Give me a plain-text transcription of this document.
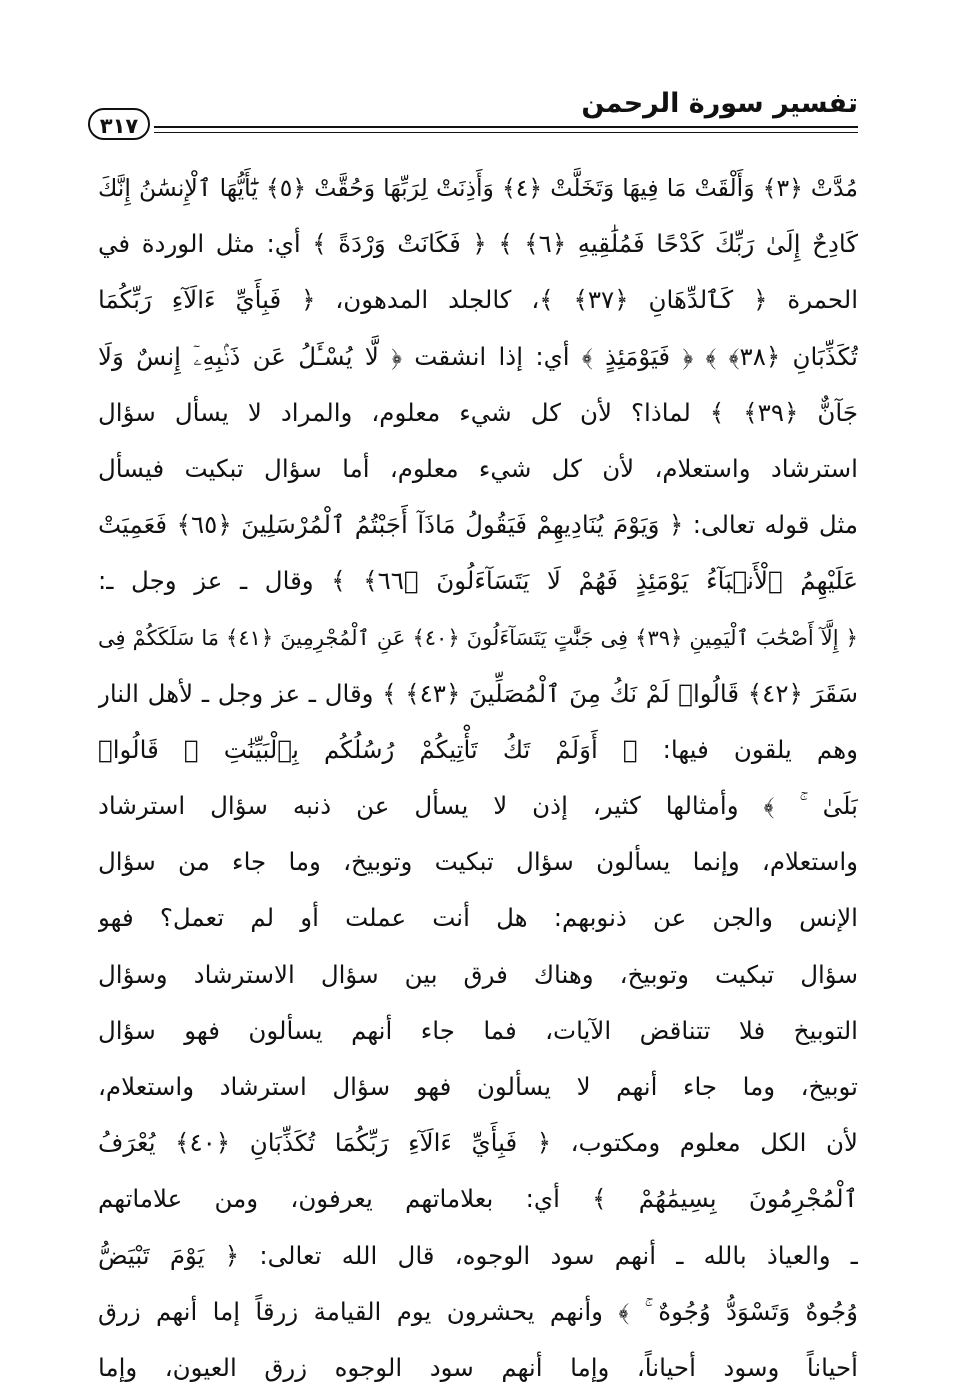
تفسير سورة الرحمن
٣١٧
مُدَّتْ ﴿٣﴾ وَأَلْقَتْ مَا فِيهَا وَتَخَلَّتْ ﴿٤﴾ وَأَذِنَتْ لِرَبِّهَا وَحُقَّتْ ﴿٥﴾ يَٰٓأَيُّهَا ٱلْإِنسَٰنُ إِنَّكَ
كَادِحٌ إِلَىٰ رَبِّكَ كَدْحًا فَمُلَٰقِيهِ ﴿٦﴾ ﴾ ﴿ فَكَانَتْ وَرْدَةً ﴾ أي: مثل الوردة في
الحمرة ﴿ كَٱلدِّهَانِ ﴿٣٧﴾ ﴾، كالجلد المدهون، ﴿ فَبِأَيِّ ءَالَآءِ رَبِّكُمَا
تُكَذِّبَانِ ﴿٣٨﴾ ﴾ ﴿ فَيَوْمَئِذٍ ﴾ أي: إذا انشقت ﴿ لَّا يُسْـَٔلُ عَن ذَنۢبِهِۦٓ إِنسٌ وَلَا
جَآنٌّ ﴿٣٩﴾ ﴾ لماذا؟ لأن كل شيء معلوم، والمراد لا يسأل سؤال
استرشاد واستعلام، لأن كل شيء معلوم، أما سؤال تبكيت فيسأل
مثل قوله تعالى: ﴿ وَيَوْمَ يُنَادِيهِمْ فَيَقُولُ مَاذَآ أَجَبْتُمُ ٱلْمُرْسَلِينَ ﴿٦٥﴾ فَعَمِيَتْ
عَلَيْهِمُ ٱلْأَنۢبَآءُ يَوْمَئِذٍ فَهُمْ لَا يَتَسَآءَلُونَ ﴿٦٦﴾ ﴾ وقال ـ عز وجل ـ:
﴿ إِلَّآ أَصْحَٰبَ ٱلْيَمِينِ ﴿٣٩﴾ فِى جَنَّٰتٍ يَتَسَآءَلُونَ ﴿٤٠﴾ عَنِ ٱلْمُجْرِمِينَ ﴿٤١﴾ مَا سَلَكَكُمْ فِى
سَقَرَ ﴿٤٢﴾ قَالُوا۟ لَمْ نَكُ مِنَ ٱلْمُصَلِّينَ ﴿٤٣﴾ ﴾ وقال ـ عز وجل ـ لأهل النار
وهم يلقون فيها: ﴿ أَوَلَمْ تَكُ تَأْتِيكُمْ رُسُلُكُم بِٱلْبَيِّنَٰتِ ۖ قَالُوا۟
بَلَىٰ ۚ ﴾ وأمثالها كثير، إذن لا يسأل عن ذنبه سؤال استرشاد
واستعلام، وإنما يسألون سؤال تبكيت وتوبيخ، وما جاء من سؤال
الإنس والجن عن ذنوبهم: هل أنت عملت أو لم تعمل؟ فهو
سؤال تبكيت وتوبيخ، وهناك فرق بين سؤال الاسترشاد وسؤال
التوبيخ فلا تتناقض الآيات، فما جاء أنهم يسألون فهو سؤال
توبيخ، وما جاء أنهم لا يسألون فهو سؤال استرشاد واستعلام،
لأن الكل معلوم ومكتوب، ﴿ فَبِأَيِّ ءَالَآءِ رَبِّكُمَا تُكَذِّبَانِ ﴿٤٠﴾ يُعْرَفُ
ٱلْمُجْرِمُونَ بِسِيمَٰهُمْ ﴾ أي: بعلاماتهم يعرفون، ومن علاماتهم
ـ والعياذ بالله ـ أنهم سود الوجوه، قال الله تعالى: ﴿ يَوْمَ تَبْيَضُّ
وُجُوهٌ وَتَسْوَدُّ وُجُوهٌ ۚ ﴾ وأنهم يحشرون يوم القيامة زرقاً إما أنهم زرق
أحياناً وسود أحياناً، وإما أنهم سود الوجوه زرق العيون، وإما
